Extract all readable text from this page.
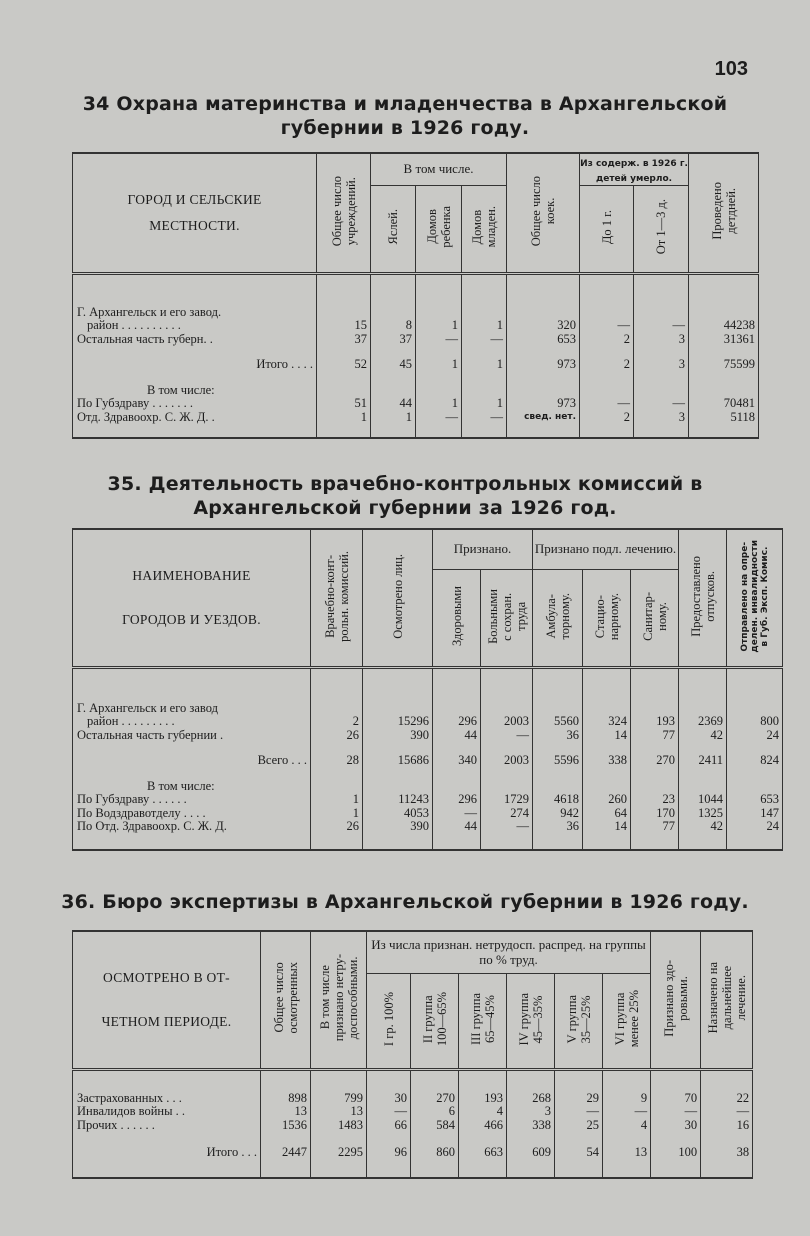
103
34 Охрана материнства и младенчества в Архангельской губернии в 1926 году.
ГОРОД И СЕЛЬСКИЕ
МЕСТНОСТИ.	Общее число
учреждений.	В том числе.			Общее число
коек.	Из содерж. в 1926 г. детей умерло.		Проведено
детдней.
		Яслей.	Домов
ребенка	Домов
младен.		До 1 г.	От 1—3 д.	

Г. Архангельск и его завод.								
район . . . . . . . . . .	15	8	1	1	320	—	—	44238
Остальная часть губерн. .	37	37	—	—	653	2	3	31361

Итого . . . .	52	45	1	1	973	2	3	75599

В том числе:								
По Губздраву . . . . . . .	51	44	1	1	973	—	—	70481
Отд. Здравоохр. С. Ж. Д. .	1	1	—	—	свед. нет.	2	3	5118

35. Деятельность врачебно-контрольных комиссий в Архангельской губернии за 1926 год.
НАИМЕНОВАНИЕ
ГОРОДОВ И УЕЗДОВ.	Врачебно-конт-
рольн. комиссий.	Осмотрено лиц.	Признано.		Признано подл. лечению.			Предоставлено
отпусков.	Отправлено на опре-
делен. инвалидности
в Губ. Эксп. Комис.
			Здоровыми	Больными
с сохран.
труда	Амбула-
торному.	Стацио-
нарному.	Санитар-
ному.		

Г. Архангельск и его завод									
район . . . . . . . . .	2	15296	296	2003	5560	324	193	2369	800
Остальная часть губернии .	26	390	44	—	36	14	77	42	24

Всего . . .	28	15686	340	2003	5596	338	270	2411	824

В том числе:									
По Губздраву . . . . . .	1	11243	296	1729	4618	260	23	1044	653
По Водздравотделу . . . .	1	4053	—	274	942	64	170	1325	147
По Отд. Здравоохр. С. Ж. Д.	26	390	44	—	36	14	77	42	24

36. Бюро экспертизы в Архангельской губернии в 1926 году.
ОСМОТРЕНО В ОТ-
ЧЕТНОМ ПЕРИОДЕ.	Общее число
осмотренных	В том числе
признано нетру-
доспособными.	Из числа признан. нетрудосп. распред. на группы по % труд.						Признано здо-
ровыми.	Назначено на
дальнейшее
лечение.
			I гр. 100%	II группа
100—65%	III группа
65—45%	IV группа
45—35%	V группа
35—25%	VI группа
менее 25%		

Застрахованных . . .	898	799	30	270	193	268	29	9	70	22
Инвалидов войны . .	13	13	—	6	4	3	—	—	—	—
Прочих . . . . . .	1536	1483	66	584	466	338	25	4	30	16

Итого . . .	2447	2295	96	860	663	609	54	13	100	38
